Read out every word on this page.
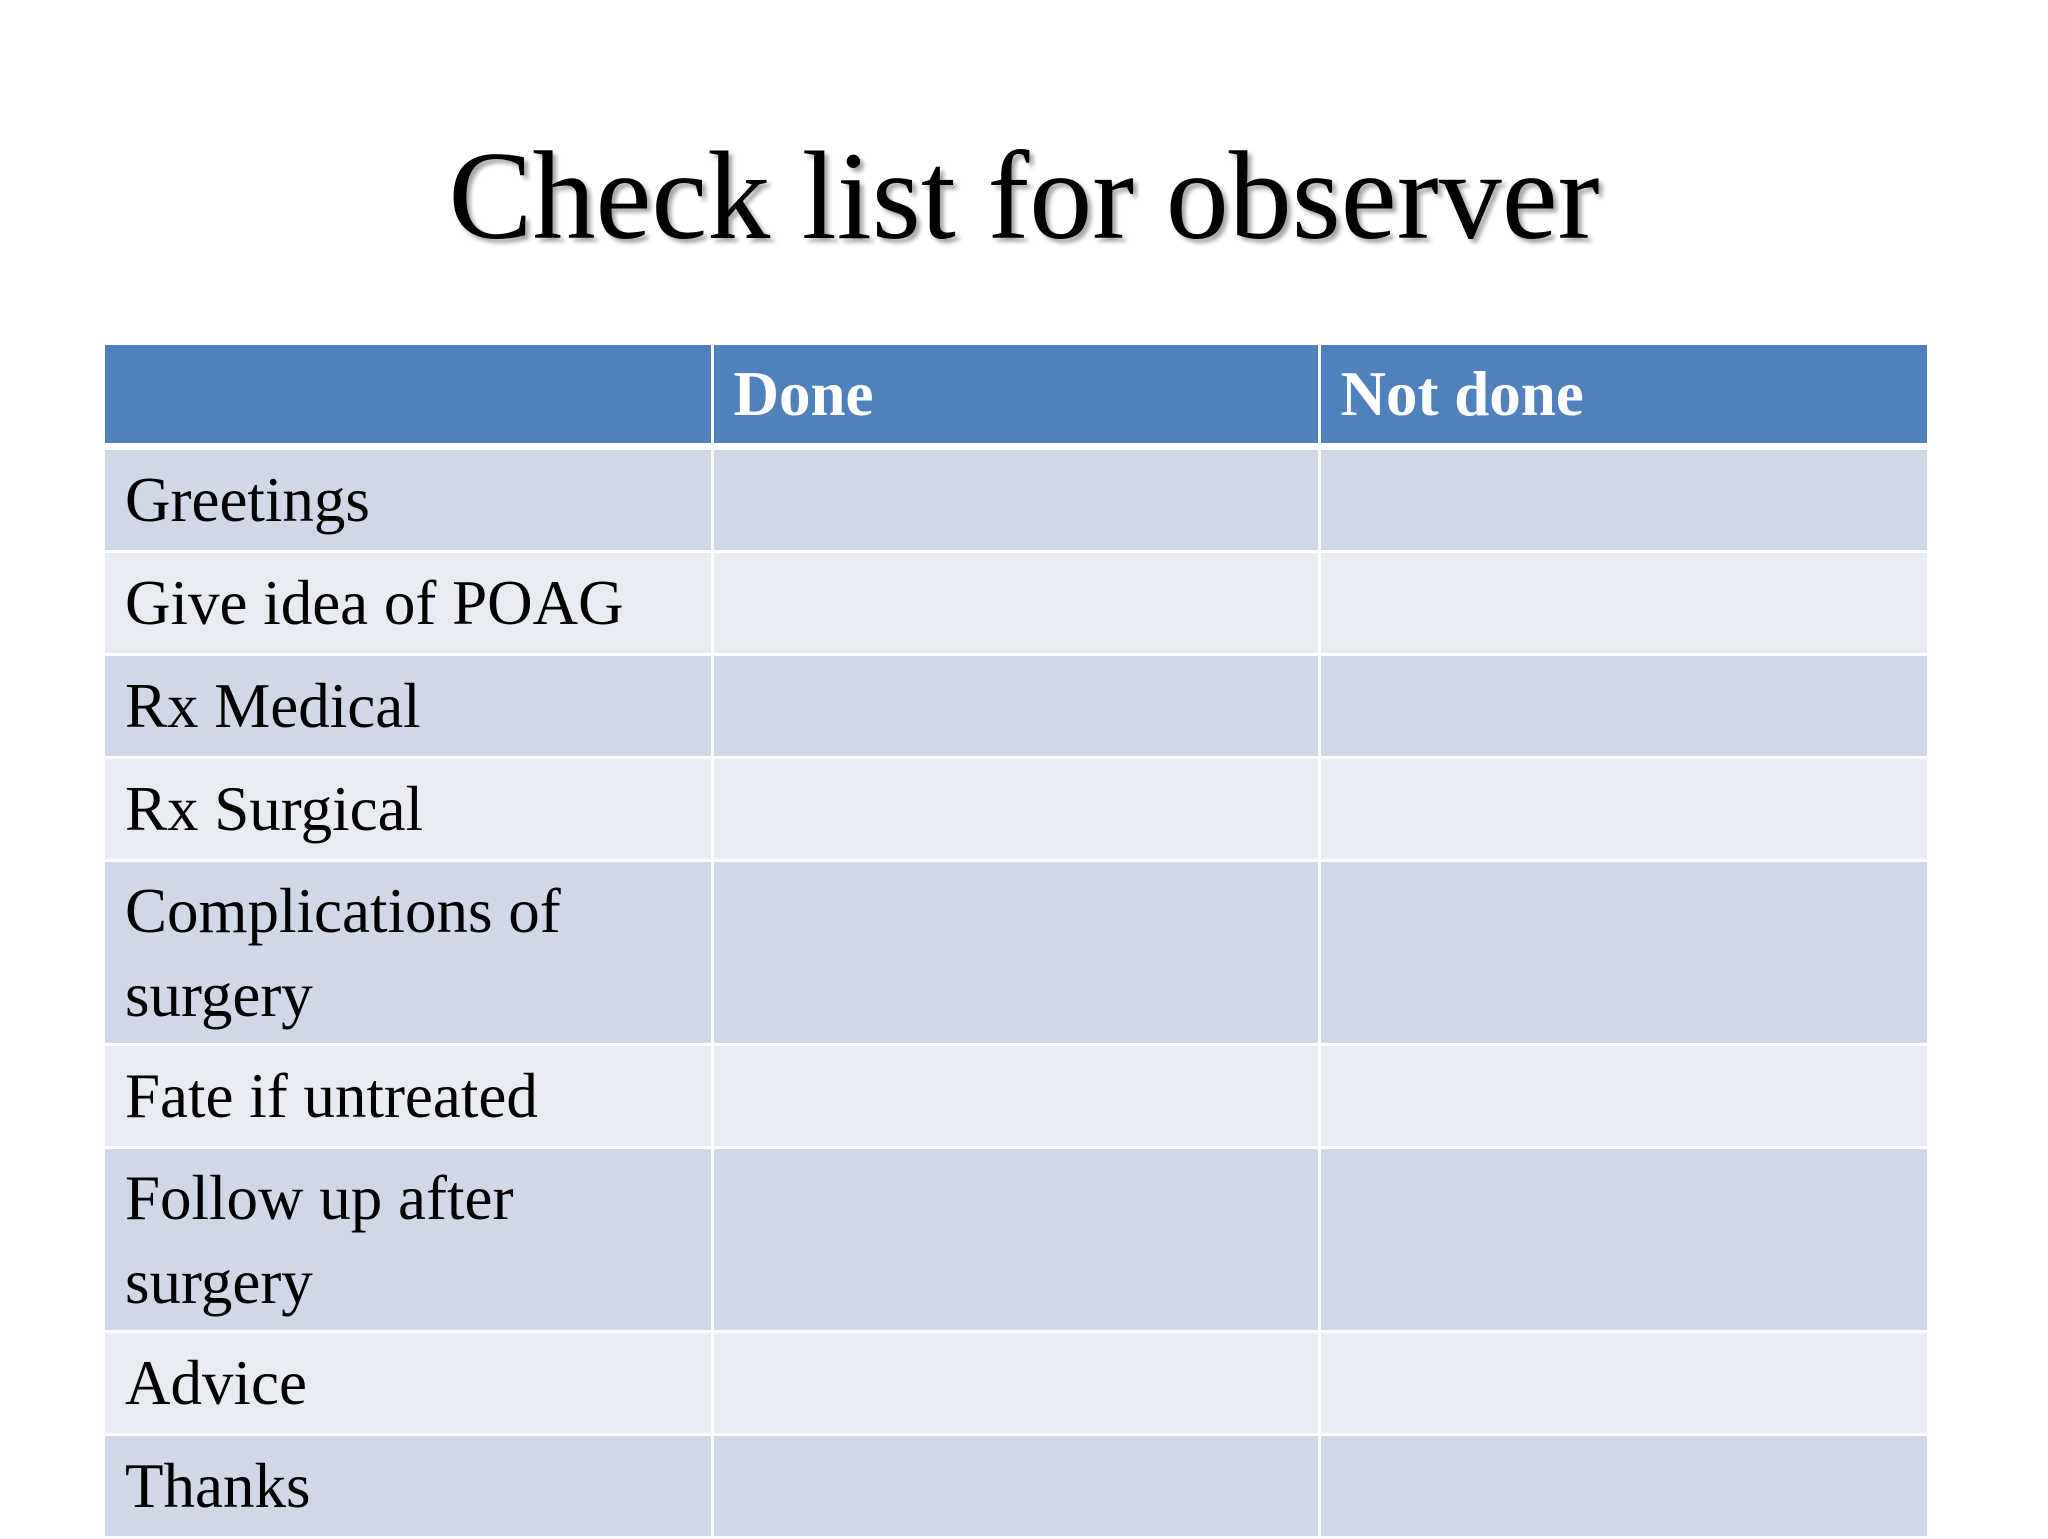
Check list for observer
	Done	Not done
Greetings		
Give idea of POAG		
Rx Medical		
Rx Surgical		
Complications of surgery		
Fate if untreated		
Follow up after surgery		
Advice		
Thanks		
